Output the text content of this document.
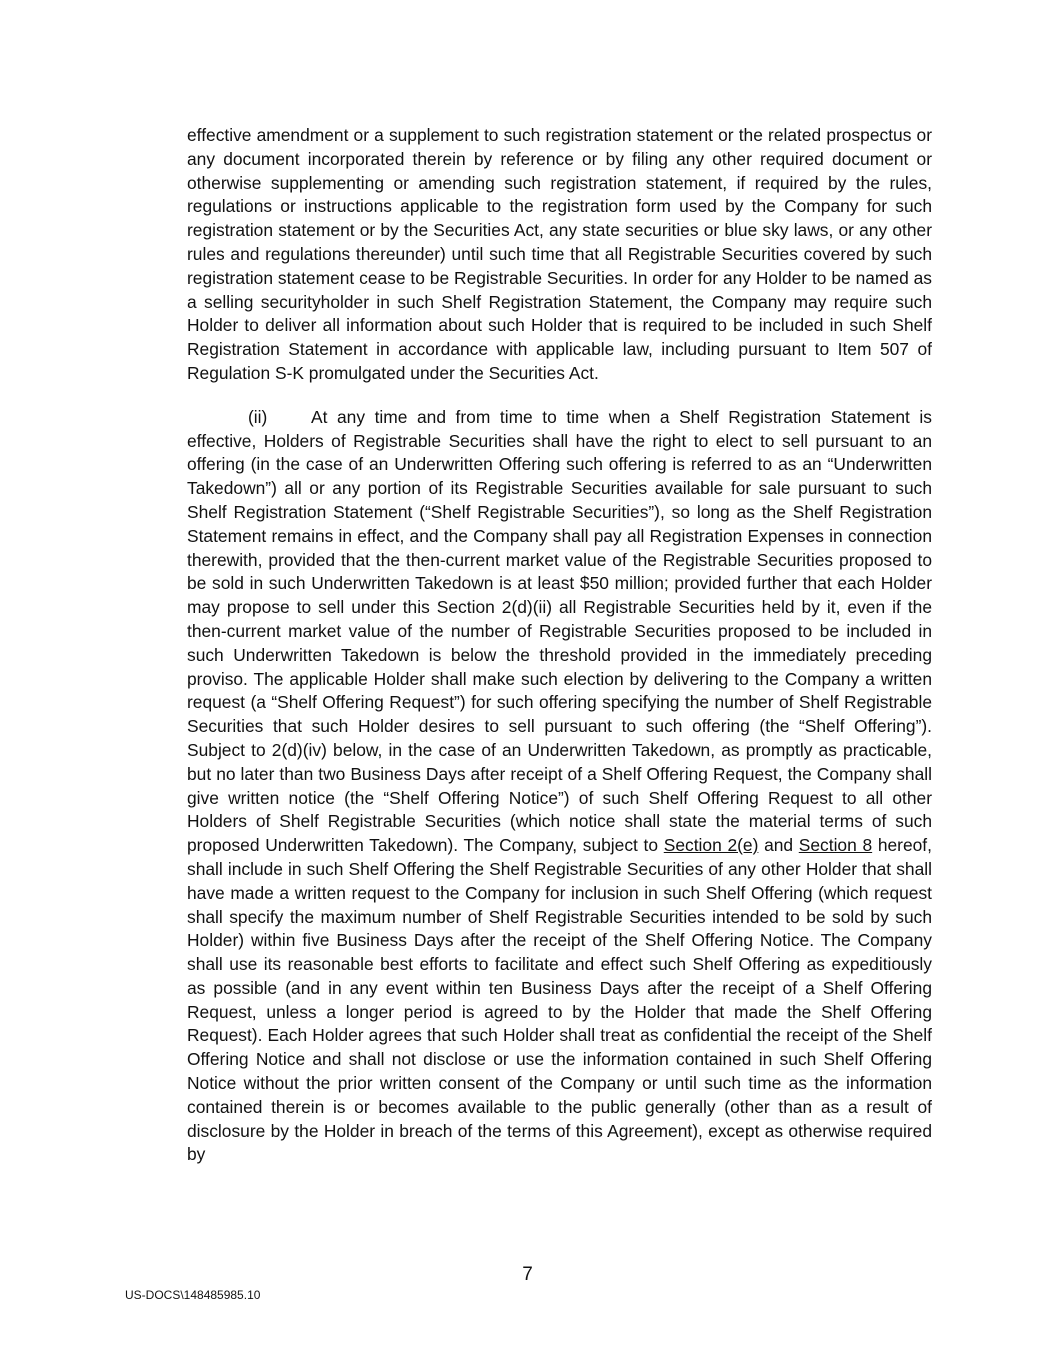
effective amendment or a supplement to such registration statement or the related prospectus or any document incorporated therein by reference or by filing any other required document or otherwise supplementing or amending such registration statement, if required by the rules, regulations or instructions applicable to the registration form used by the Company for such registration statement or by the Securities Act, any state securities or blue sky laws, or any other rules and regulations thereunder) until such time that all Registrable Securities covered by such registration statement cease to be Registrable Securities. In order for any Holder to be named as a selling securityholder in such Shelf Registration Statement, the Company may require such Holder to deliver all information about such Holder that is required to be included in such Shelf Registration Statement in accordance with applicable law, including pursuant to Item 507 of Regulation S-K promulgated under the Securities Act.

(ii)	At any time and from time to time when a Shelf Registration Statement is effective, Holders of Registrable Securities shall have the right to elect to sell pursuant to an offering (in the case of an Underwritten Offering such offering is referred to as an “Underwritten Takedown”) all or any portion of its Registrable Securities available for sale pursuant to such Shelf Registration Statement (“Shelf Registrable Securities”), so long as the Shelf Registration Statement remains in effect, and the Company shall pay all Registration Expenses in connection therewith, provided that the then-current market value of the Registrable Securities proposed to be sold in such Underwritten Takedown is at least $50 million; provided further that each Holder may propose to sell under this Section 2(d)(ii) all Registrable Securities held by it, even if the then-current market value of the number of Registrable Securities proposed to be included in such Underwritten Takedown is below the threshold provided in the immediately preceding proviso. The applicable Holder shall make such election by delivering to the Company a written request (a “Shelf Offering Request”) for such offering specifying the number of Shelf Registrable Securities that such Holder desires to sell pursuant to such offering (the “Shelf Offering”). Subject to 2(d)(iv) below, in the case of an Underwritten Takedown, as promptly as practicable, but no later than two Business Days after receipt of a Shelf Offering Request, the Company shall give written notice (the “Shelf Offering Notice”) of such Shelf Offering Request to all other Holders of Shelf Registrable Securities (which notice shall state the material terms of such proposed Underwritten Takedown). The Company, subject to Section 2(e) and Section 8 hereof, shall include in such Shelf Offering the Shelf Registrable Securities of any other Holder that shall have made a written request to the Company for inclusion in such Shelf Offering (which request shall specify the maximum number of Shelf Registrable Securities intended to be sold by such Holder) within five Business Days after the receipt of the Shelf Offering Notice. The Company shall use its reasonable best efforts to facilitate and effect such Shelf Offering as expeditiously as possible (and in any event within ten Business Days after the receipt of a Shelf Offering Request, unless a longer period is agreed to by the Holder that made the Shelf Offering Request). Each Holder agrees that such Holder shall treat as confidential the receipt of the Shelf Offering Notice and shall not disclose or use the information contained in such Shelf Offering Notice without the prior written consent of the Company or until such time as the information contained therein is or becomes available to the public generally (other than as a result of disclosure by the Holder in breach of the terms of this Agreement), except as otherwise required by

7
US-DOCS\148485985.10
